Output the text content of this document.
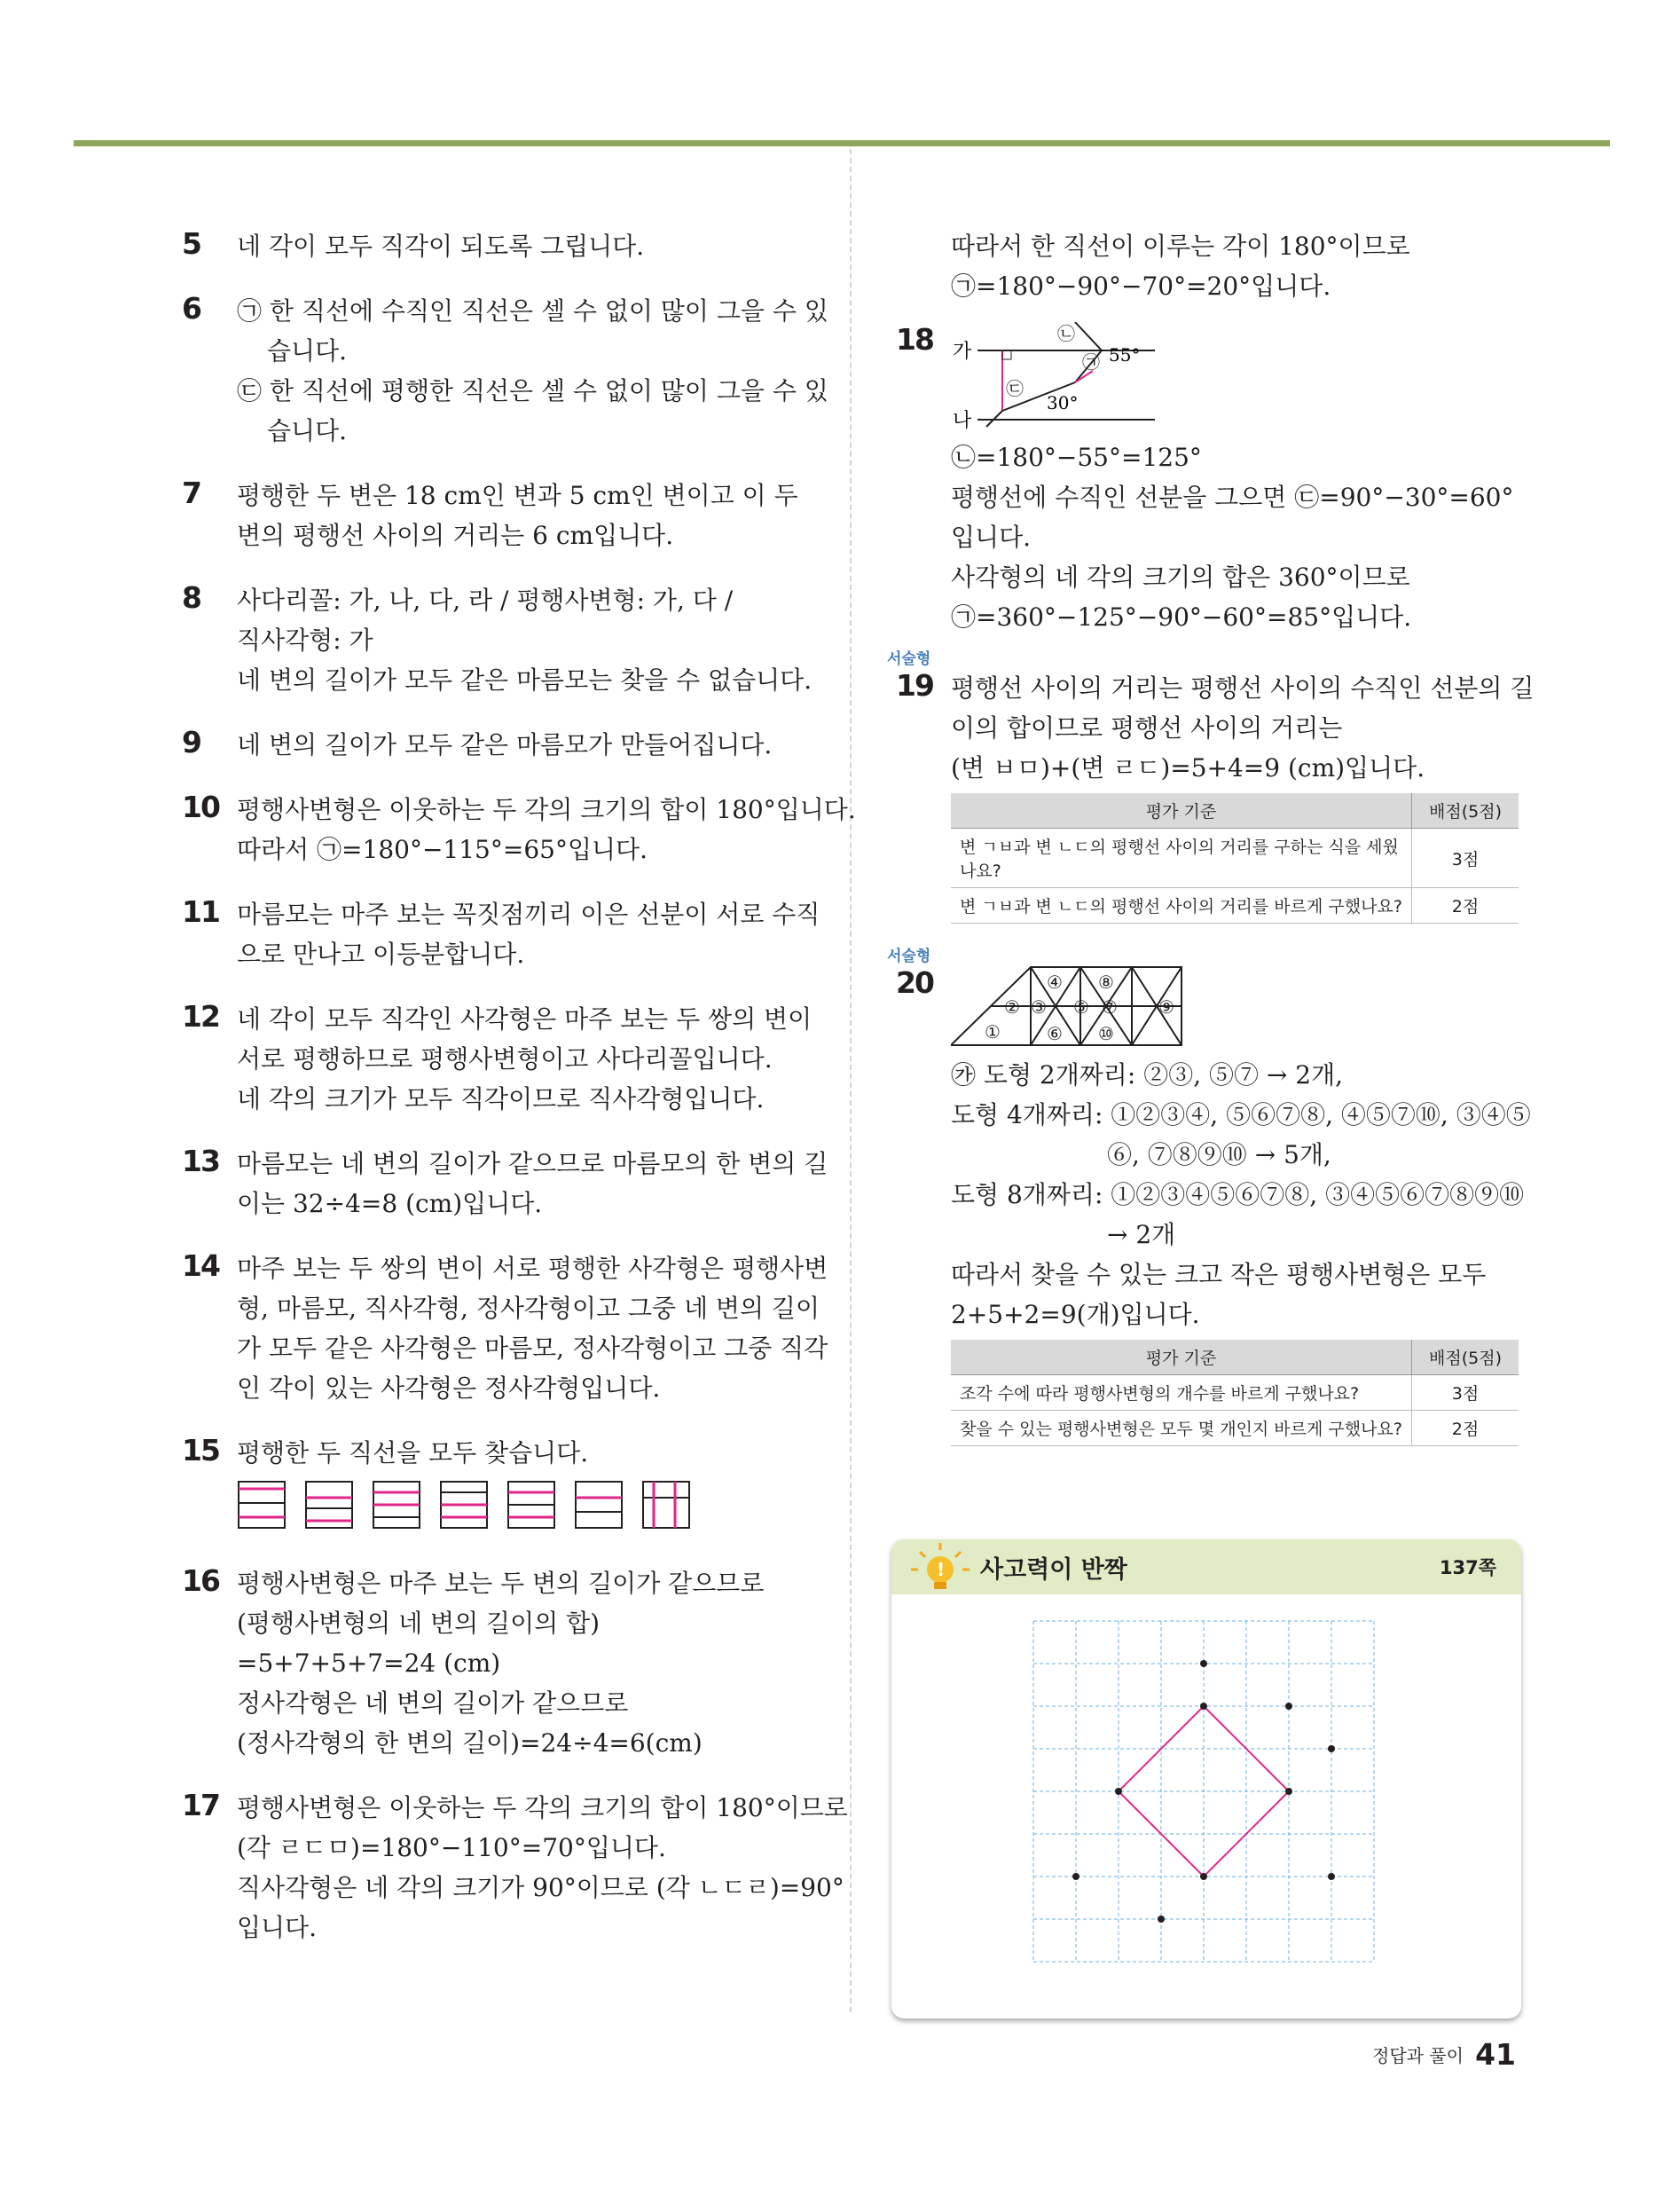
5 네 각이 모두 직각이 되도록 그립니다.
6 ㉠ 한 직선에 수직인 직선은 셀 수 없이 많이 그을 수 있
습니다.
㉢ 한 직선에 평행한 직선은 셀 수 없이 많이 그을 수 있
습니다.
7 평행한 두 변은 18 cm인 변과 5 cm인 변이고 이 두
변의 평행선 사이의 거리는 6 cm입니다.
8 사다리꼴: 가, 나, 다, 라 / 평행사변형: 가, 다 /
직사각형: 가
네 변의 길이가 모두 같은 마름모는 찾을 수 없습니다.
9 네 변의 길이가 모두 같은 마름모가 만들어집니다.
10 평행사변형은 이웃하는 두 각의 크기의 합이 180°입니다.
따라서 ㉠=180°−115°=65°입니다.
11 마름모는 마주 보는 꼭짓점끼리 이은 선분이 서로 수직
으로 만나고 이등분합니다.
12 네 각이 모두 직각인 사각형은 마주 보는 두 쌍의 변이
서로 평행하므로 평행사변형이고 사다리꼴입니다.
네 각의 크기가 모두 직각이므로 직사각형입니다.
13 마름모는 네 변의 길이가 같으므로 마름모의 한 변의 길
이는 32÷4=8 (cm)입니다.
14 마주 보는 두 쌍의 변이 서로 평행한 사각형은 평행사변
형, 마름모, 직사각형, 정사각형이고 그중 네 변의 길이
가 모두 같은 사각형은 마름모, 정사각형이고 그중 직각
인 각이 있는 사각형은 정사각형입니다.
15 평행한 두 직선을 모두 찾습니다.
16 평행사변형은 마주 보는 두 변의 길이가 같으므로
(평행사변형의 네 변의 길이의 합)
=5+7+5+7=24 (cm)
정사각형은 네 변의 길이가 같으므로
(정사각형의 한 변의 길이)=24÷4=6(cm)
17 평행사변형은 이웃하는 두 각의 크기의 합이 180°이므로
(각 ㄹㄷㅁ)=180°−110°=70°입니다.
직사각형은 네 각의 크기가 90°이므로 (각 ㄴㄷㄹ)=90°
입니다.
따라서 한 직선이 이루는 각이 180°이므로
㉠=180°−90°−70°=20°입니다.
18 가
나
55°
30°
㉠
㉡
㉢
㉡=180°−55°=125°
평행선에 수직인 선분을 그으면 ㉢=90°−30°=60°
입니다.
사각형의 네 각의 크기의 합은 360°이므로
㉠=360°−125°−90°−60°=85°입니다.
서술형
19 평행선 사이의 거리는 평행선 사이의 수직인 선분의 길
이의 합이므로 평행선 사이의 거리는
(변 ㅂㅁ)+(변 ㄹㄷ)=5+4=9 (cm)입니다.
평가 기준	배점(5점)
변 ㄱㅂ과 변 ㄴㄷ의 평행선 사이의 거리를 구하는 식을 세웠나요?	3점
변 ㄱㅂ과 변 ㄴㄷ의 평행선 사이의 거리를 바르게 구했나요?	2점
서술형
20
①
② ③
④
⑤
⑥
⑦
⑧
⑨
⑩
㉮ 도형 2개짜리: ②③, ⑤⑦ → 2개,
도형 4개짜리: ①②③④, ⑤⑥⑦⑧, ④⑤⑦⑩, ③④⑤
⑥, ⑦⑧⑨⑩ → 5개,
도형 8개짜리: ①②③④⑤⑥⑦⑧, ③④⑤⑥⑦⑧⑨⑩
→ 2개
따라서 찾을 수 있는 크고 작은 평행사변형은 모두
2+5+2=9(개)입니다.
평가 기준	배점(5점)
조각 수에 따라 평행사변형의 개수를 바르게 구했나요?	3점
찾을 수 있는 평행사변형은 모두 몇 개인지 바르게 구했나요?	2점
! 사고력이 반짝	137쪽
정답과 풀이 41
